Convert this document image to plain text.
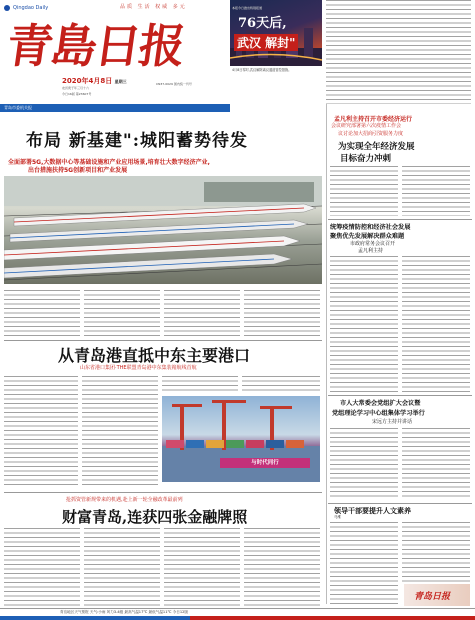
Qingdao Daily	品质 生活 权威 多元
青島日报
2020年4月8日 星期三
农历庚子年三月十六
今日16版 第23607号
CN37-0029 国内统一刊号
青岛市委机关报
本报今日推出特别报道
76天后,
武汉 解封"
4月8日零时,武汉解除离汉通道管控措施。
布局 新基建":城阳蓄势待发
全面部署5G,大数据中心等基础设施和产业应用场景,培育壮大数字经济产业,
出台措施扶持5G创新项目和产业发展
孟凡利主持召开市委经济运行
会议研究部署第六次疫情工作会
议讨论加大招商引资服务力度
为实现全年经济发展
目标奋力冲刺
统筹疫情防控和经济社会发展
聚焦优先发展解决群众难题
市政府常务会议召开
孟凡利主持
市人大常委会党组扩大会议暨
党组理论学习中心组集体学习举行
宋远方主持并讲话
领导干部要提升人文素养
马维
青岛日报
从青岛港直抵中东主要港口
山东省港口集团·THE联盟青岛港中东集装箱航线首航
与时代同行
抢抓资管新规带来的机遇,赴上新一轮全融改革最前列
财富青岛,连获四张金融牌照
青岛地区天气预报 天气:小雨 风力3-4级 最高气温17℃ 最低气温11℃ 今日12版
